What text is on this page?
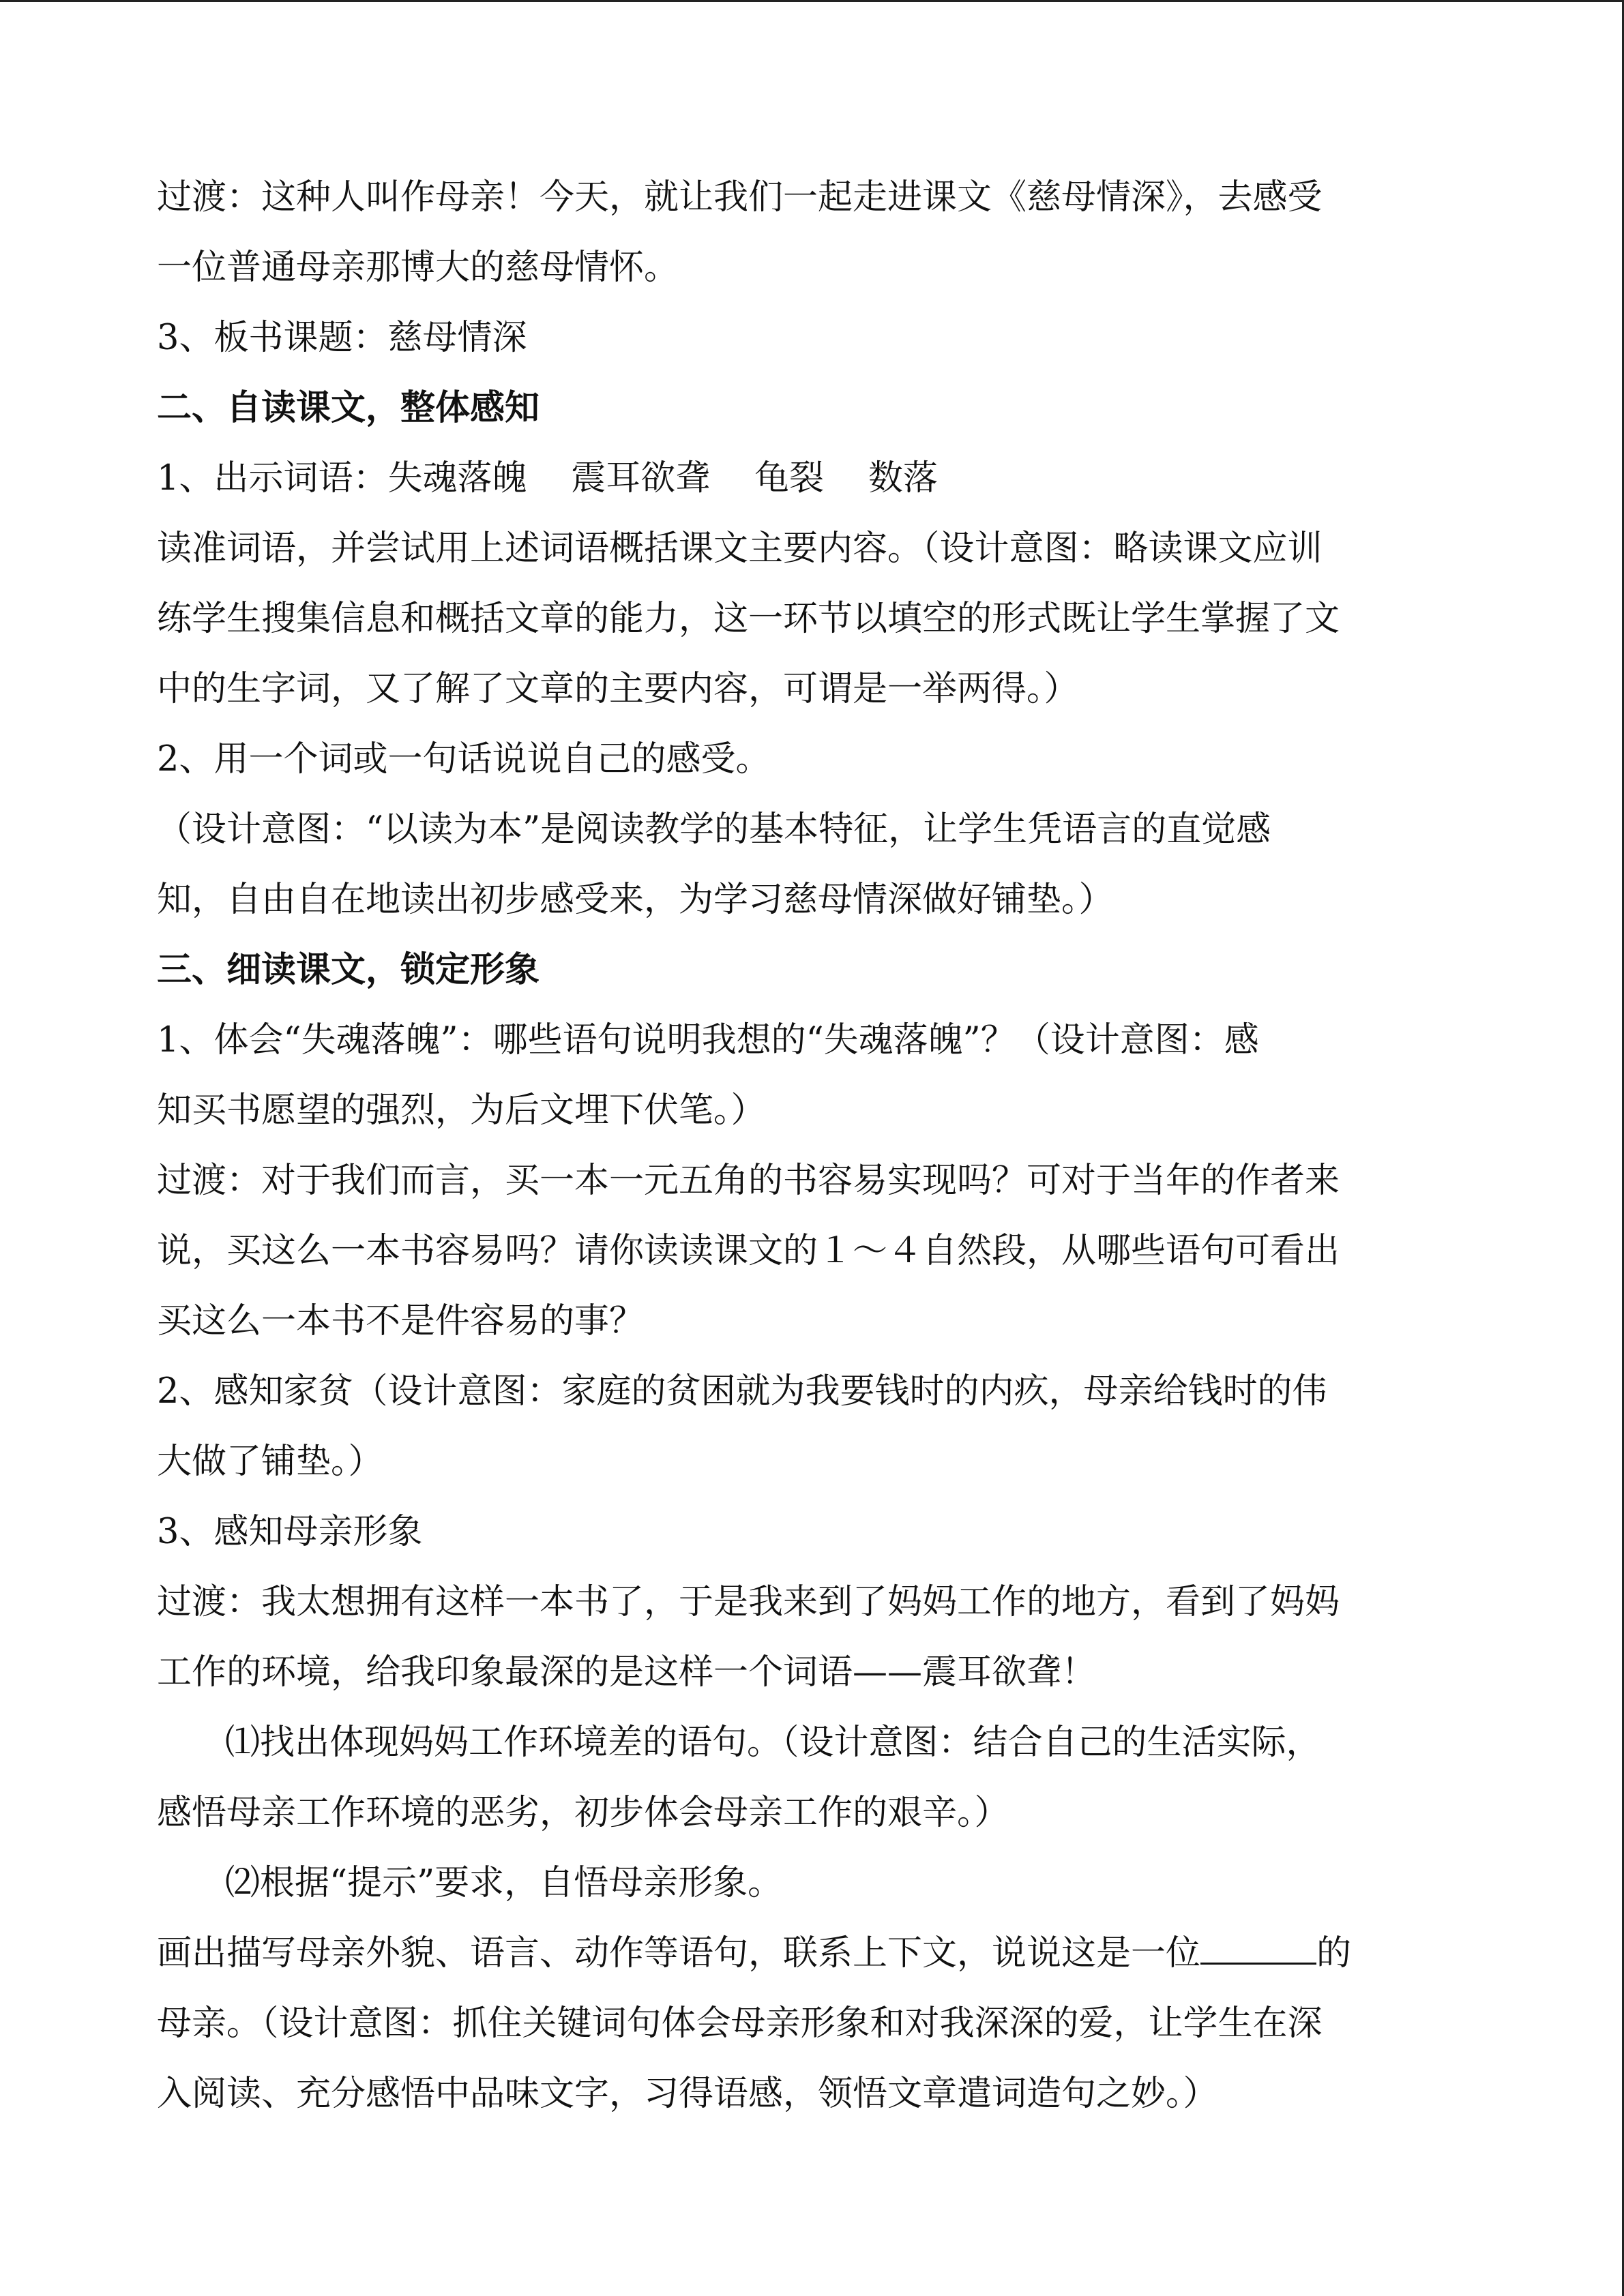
过渡：这种人叫作母亲！今天，就让我们一起走进课文《慈母情深》，去感受

一位普通母亲那博大的慈母情怀。

3、板书课题：慈母情深

二、自读课文，整体感知

1、出示词语：失魂落魄    震耳欲聋    龟裂    数落

读准词语，并尝试用上述词语概括课文主要内容。（设计意图：略读课文应训

练学生搜集信息和概括文章的能力，这一环节以填空的形式既让学生掌握了文

中的生字词，又了解了文章的主要内容，可谓是一举两得。）

2、用一个词或一句话说说自己的感受。

（设计意图：“以读为本”是阅读教学的基本特征，让学生凭语言的直觉感

知，自由自在地读出初步感受来，为学习慈母情深做好铺垫。）

三、细读课文，锁定形象

1、体会“失魂落魄”：哪些语句说明我想的“失魂落魄”？（设计意图：感

知买书愿望的强烈，为后文埋下伏笔。）

过渡：对于我们而言，买一本一元五角的书容易实现吗？可对于当年的作者来

说，买这么一本书容易吗？请你读读课文的１～４自然段，从哪些语句可看出

买这么一本书不是件容易的事？

2、感知家贫（设计意图：家庭的贫困就为我要钱时的内疚，母亲给钱时的伟

大做了铺垫。）

3、感知母亲形象

过渡：我太想拥有这样一本书了，于是我来到了妈妈工作的地方，看到了妈妈

工作的环境，给我印象最深的是这样一个词语——震耳欲聋！

⑴找出体现妈妈工作环境差的语句。（设计意图：结合自己的生活实际，

感悟母亲工作环境的恶劣，初步体会母亲工作的艰辛。）

⑵根据“提示”要求，自悟母亲形象。

画出描写母亲外貌、语言、动作等语句，联系上下文，说说这是一位	的

母亲。（设计意图：抓住关键词句体会母亲形象和对我深深的爱，让学生在深

入阅读、充分感悟中品味文字，习得语感，领悟文章遣词造句之妙。）
